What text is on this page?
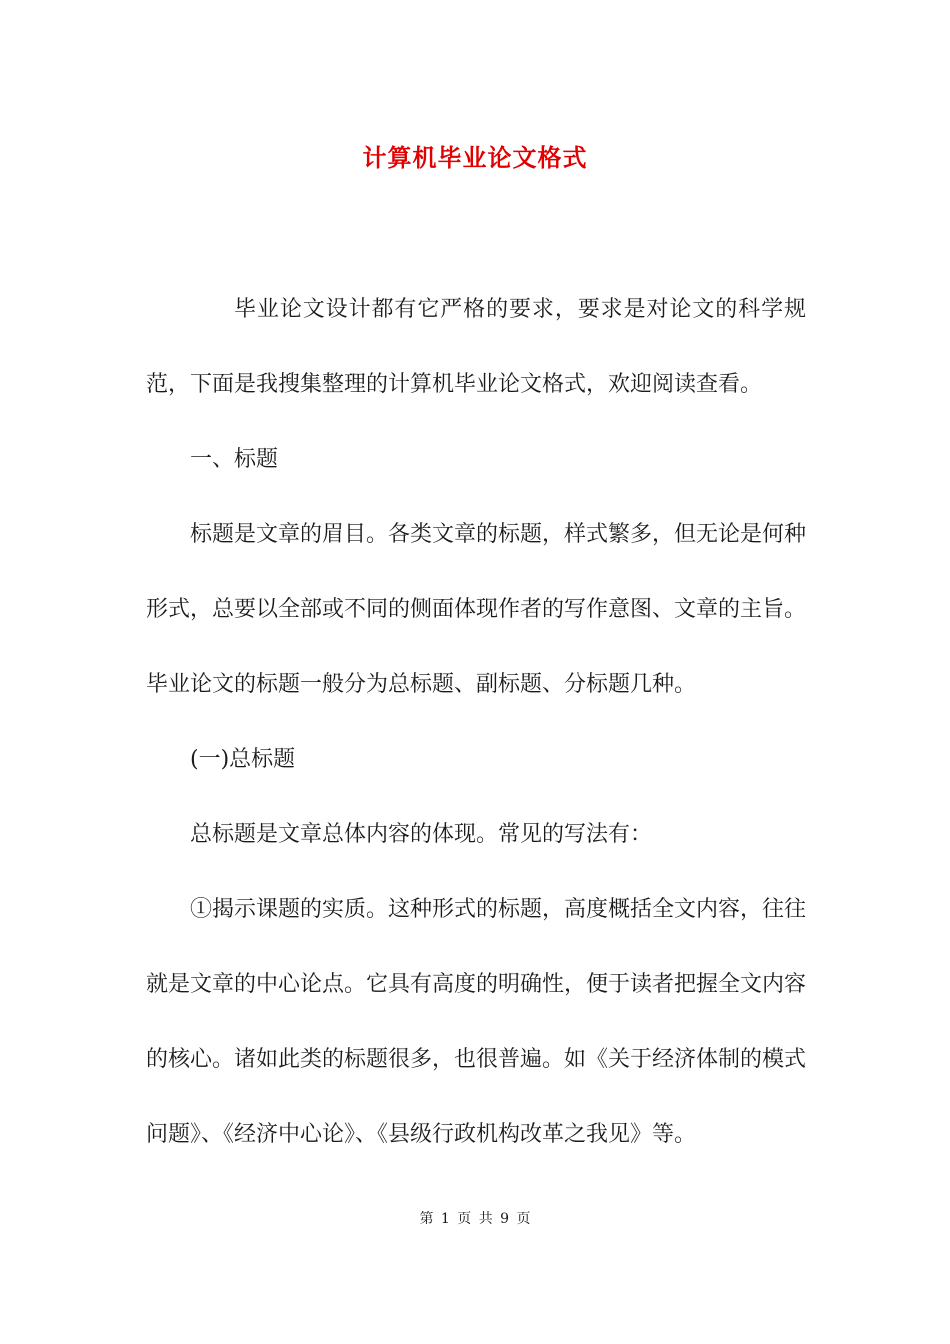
计算机毕业论文格式

毕业论文设计都有它严格的要求，要求是对论文的科学规范，下面是我搜集整理的计算机毕业论文格式，欢迎阅读查看。

一、标题

标题是文章的眉目。各类文章的标题，样式繁多，但无论是何种形式，总要以全部或不同的侧面体现作者的写作意图、文章的主旨。毕业论文的标题一般分为总标题、副标题、分标题几种。

(一)总标题

总标题是文章总体内容的体现。常见的写法有：

①揭示课题的实质。这种形式的标题，高度概括全文内容，往往就是文章的中心论点。它具有高度的明确性，便于读者把握全文内容的核心。诸如此类的标题很多，也很普遍。如《关于经济体制的模式问题》、《经济中心论》、《县级行政机构改革之我见》等。

第 1 页 共 9 页
